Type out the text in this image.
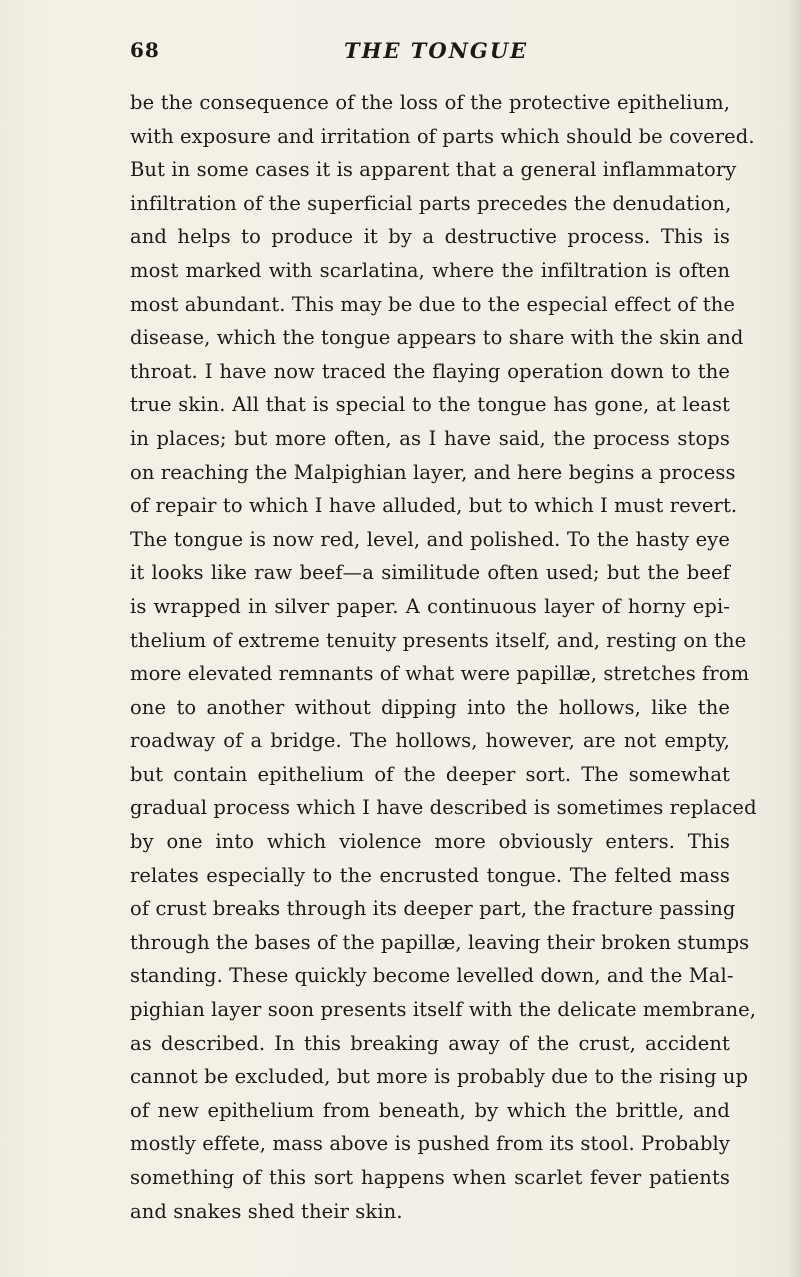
68	THE TONGUE
be the consequence of the loss of the protective epithelium,
with exposure and irritation of parts which should be covered.
But in some cases it is apparent that a general inflammatory
infiltration of the superficial parts precedes the denudation,
and helps to produce it by a destructive process. This is
most marked with scarlatina, where the infiltration is often
most abundant. This may be due to the especial effect of the
disease, which the tongue appears to share with the skin and
throat. I have now traced the flaying operation down to the
true skin. All that is special to the tongue has gone, at least
in places; but more often, as I have said, the process stops
on reaching the Malpighian layer, and here begins a process
of repair to which I have alluded, but to which I must revert.
The tongue is now red, level, and polished. To the hasty eye
it looks like raw beef—a similitude often used; but the beef
is wrapped in silver paper. A continuous layer of horny epi-
thelium of extreme tenuity presents itself, and, resting on the
more elevated remnants of what were papillæ, stretches from
one to another without dipping into the hollows, like the
roadway of a bridge. The hollows, however, are not empty,
but contain epithelium of the deeper sort. The somewhat
gradual process which I have described is sometimes replaced
by one into which violence more obviously enters. This
relates especially to the encrusted tongue. The felted mass
of crust breaks through its deeper part, the fracture passing
through the bases of the papillæ, leaving their broken stumps
standing. These quickly become levelled down, and the Mal-
pighian layer soon presents itself with the delicate membrane,
as described. In this breaking away of the crust, accident
cannot be excluded, but more is probably due to the rising up
of new epithelium from beneath, by which the brittle, and
mostly effete, mass above is pushed from its stool. Probably
something of this sort happens when scarlet fever patients
and snakes shed their skin.
